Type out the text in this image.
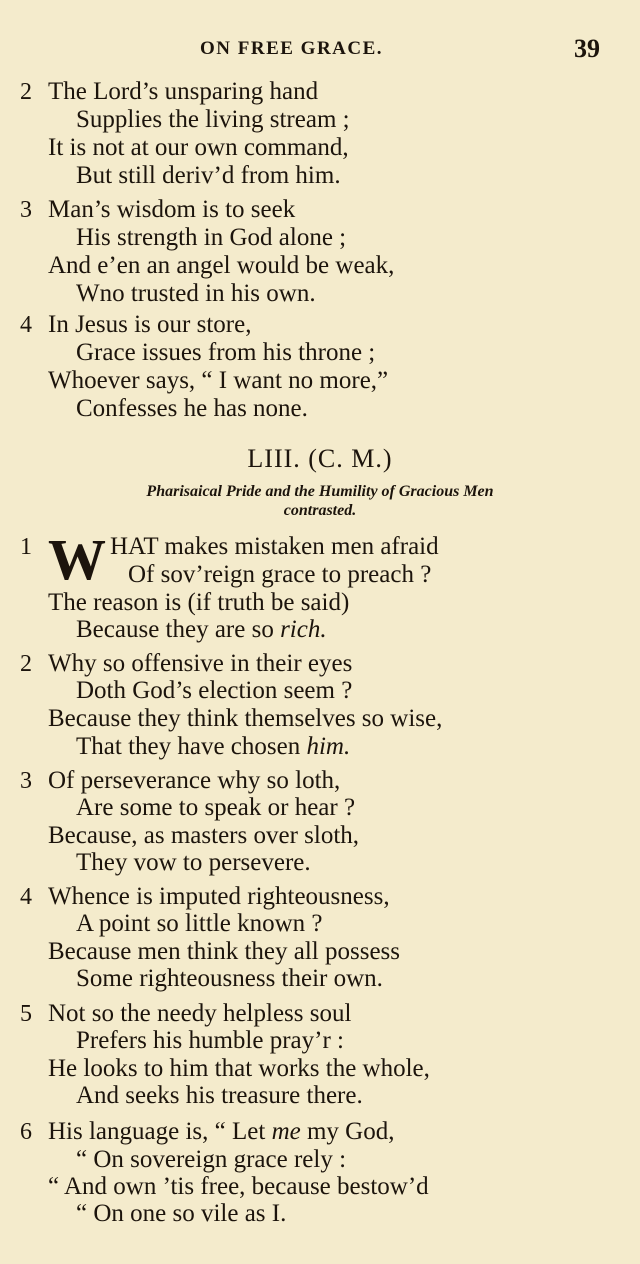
ON FREE GRACE.	39
2 The Lord’s unsparing hand
Supplies the living stream ;
It is not at our own command,
But still deriv’d from him.
3 Man’s wisdom is to seek
His strength in God alone ;
And e’en an angel would be weak,
Wno trusted in his own.
4 In Jesus is our store,
Grace issues from his throne ;
Whoever says, “ I want no more,”
Confesses he has none.
LIII. (C. M.)
Pharisaical Pride and the Humility of Gracious Men
contrasted.
1 W HAT makes mistaken men afraid
Of sov’reign grace to preach ?
The reason is (if truth be said)
Because they are so rich.
2 Why so offensive in their eyes
Doth God’s election seem ?
Because they think themselves so wise,
That they have chosen him.
3 Of perseverance why so loth,
Are some to speak or hear ?
Because, as masters over sloth,
They vow to persevere.
4 Whence is imputed righteousness,
A point so little known ?
Because men think they all possess
Some righteousness their own.
5 Not so the needy helpless soul
Prefers his humble pray’r :
He looks to him that works the whole,
And seeks his treasure there.
6 His language is, “ Let me my God,
“ On sovereign grace rely :
“ And own ’tis free, because bestow’d
“ On one so vile as I.
